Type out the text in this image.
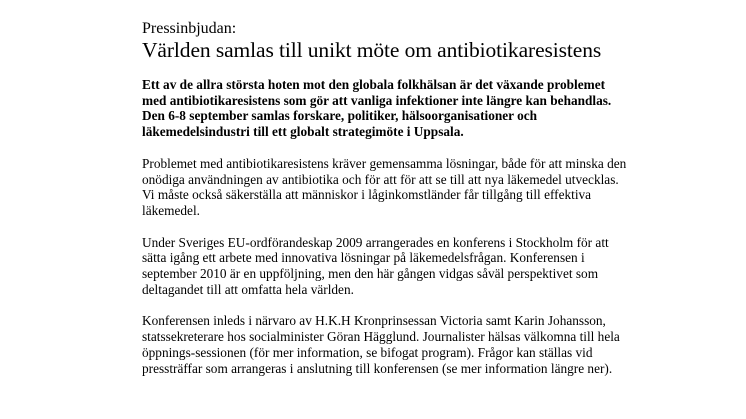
Pressinbjudan:

Världen samlas till unikt möte om antibiotikaresistens

Ett av de allra största hoten mot den globala folkhälsan är det växande problemet
med antibiotikaresistens som gör att vanliga infektioner inte längre kan behandlas.
Den 6-8 september samlas forskare, politiker, hälsoorganisationer och
läkemedelsindustri till ett globalt strategimöte i Uppsala.

Problemet med antibiotikaresistens kräver gemensamma lösningar, både för att minska den
onödiga användningen av antibiotika och för att för att se till att nya läkemedel utvecklas.
Vi måste också säkerställa att människor i låginkomstländer får tillgång till effektiva
läkemedel.

Under Sveriges EU-ordförandeskap 2009 arrangerades en konferens i Stockholm för att
sätta igång ett arbete med innovativa lösningar på läkemedelsfrågan. Konferensen i
september 2010 är en uppföljning, men den här gången vidgas såväl perspektivet som
deltagandet till att omfatta hela världen.

Konferensen inleds i närvaro av H.K.H Kronprinsessan Victoria samt Karin Johansson,
statssekreterare hos socialminister Göran Hägglund. Journalister hälsas välkomna till hela
öppnings-sessionen (för mer information, se bifogat program). Frågor kan ställas vid
pressträffar som arrangeras i anslutning till konferensen (se mer information längre ner).
